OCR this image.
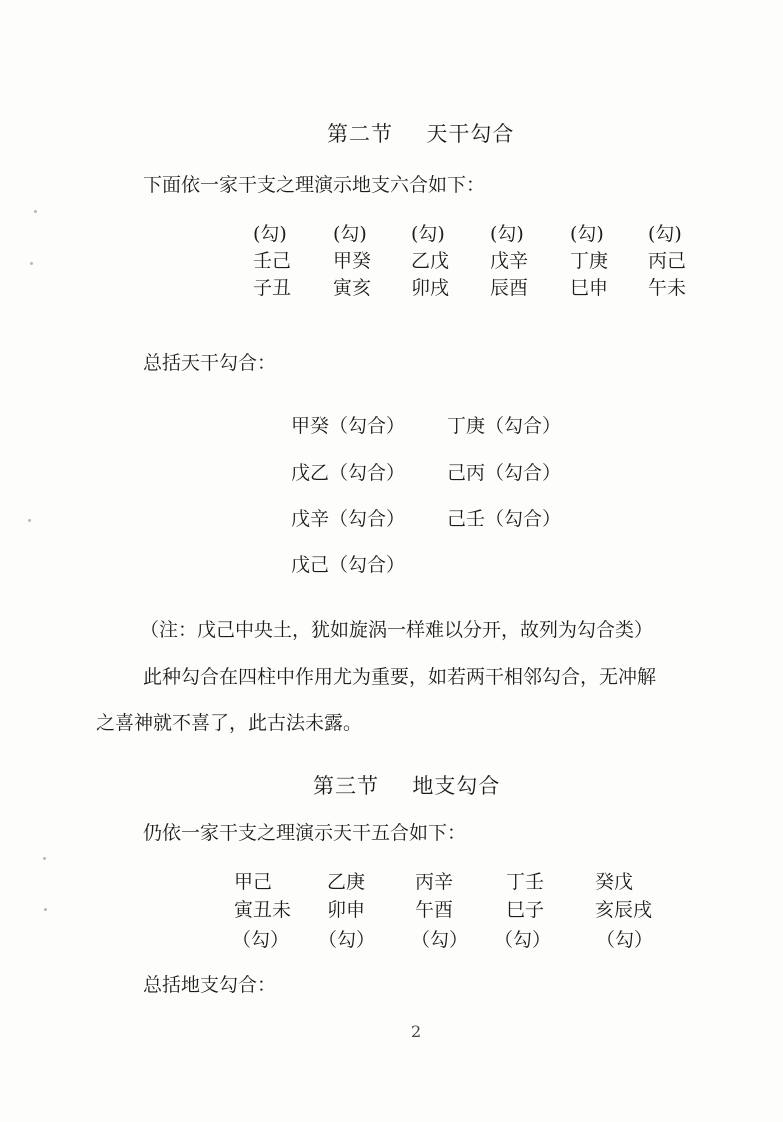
第二节 天干勾合
下面依一家干支之理演示地支六合如下：
(勾) (勾) (勾) (勾) (勾) (勾)
壬己 甲癸 乙戊 戊辛 丁庚 丙己
子丑 寅亥 卯戌 辰酉 巳申 午未
总括天干勾合：
甲癸（勾合） 丁庚（勾合）
戊乙（勾合） 己丙（勾合）
戊辛（勾合） 己壬（勾合）
戊己（勾合）
（注：戊己中央土，犹如旋涡一样难以分开，故列为勾合类）
此种勾合在四柱中作用尤为重要，如若两干相邻勾合，无冲解
之喜神就不喜了，此古法未露。
第三节 地支勾合
仍依一家干支之理演示天干五合如下：
甲己	乙庚	丙辛	丁壬	癸戊
寅丑未 卯申	午酉	巳子	亥辰戌
（勾） （勾） （勾） （勾） （勾）
总括地支勾合：
2
